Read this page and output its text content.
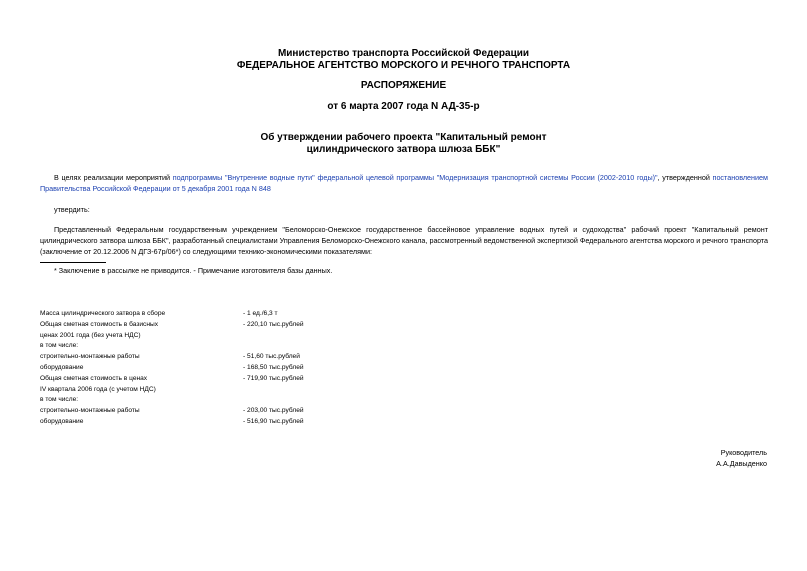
Министерство транспорта Российской Федерации
ФЕДЕРАЛЬНОЕ АГЕНТСТВО МОРСКОГО И РЕЧНОГО ТРАНСПОРТА
РАСПОРЯЖЕНИЕ
от 6 марта 2007 года N АД-35-р
Об утверждении рабочего проекта "Капитальный ремонт
цилиндрического затвора шлюза ББК"
В целях реализации мероприятий подпрограммы "Внутренние водные пути" федеральной целевой программы "Модернизация транспортной системы России (2002-2010 годы)", утвержденной постановлением Правительства Российской Федерации от 5 декабря 2001 года N 848
утвердить:
Представленный Федеральным государственным учреждением "Беломорско-Онежское государственное бассейновое управление водных путей и судоходства" рабочий проект "Капитальный ремонт цилиндрического затвора шлюза ББК", разработанный специалистами Управления Беломорско-Онежского канала, рассмотренный ведомственной экспертизой Федерального агентства морского и речного транспорта (заключение от 20.12.2006 N ДГЗ-67р/06*) со следующими технико-экономическими показателями:
* Заключение в рассылке не приводится. - Примечание изготовителя базы данных.
Масса цилиндрического затвора в сборе	- 1 ед./6,3 т
Общая сметная стоимость в базисных	- 220,10 тыс.рублей
ценах 2001 года (без учета НДС)
в том числе:
строительно-монтажные работы	- 51,60 тыс.рублей
оборудование	- 168,50 тыс.рублей
Общая сметная стоимость в ценах	- 719,90 тыс.рублей
IV квартала 2006 года (с учетом НДС)
в том числе:
строительно-монтажные работы	- 203,00 тыс.рублей
оборудование	- 516,90 тыс.рублей
Руководитель
А.А.Давыденко
